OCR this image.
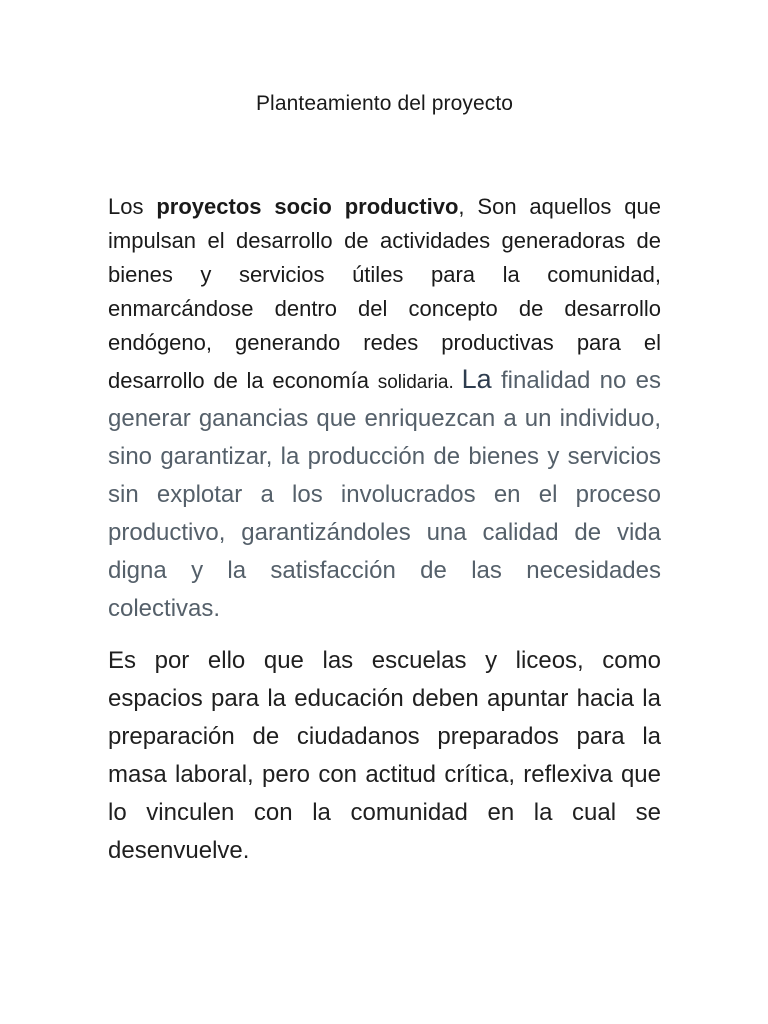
Planteamiento del proyecto

Los proyectos socio productivo, Son aquellos que impulsan el desarrollo de actividades generadoras de bienes y servicios útiles para la comunidad, enmarcándose dentro del concepto de desarrollo endógeno, generando redes productivas para el desarrollo de la economía solidaria. La finalidad no es generar ganancias que enriquezcan a un individuo, sino garantizar, la producción de bienes y servicios sin explotar a los involucrados en el proceso productivo, garantizándoles una calidad de vida digna y la satisfacción de las necesidades colectivas.

Es por ello que las escuelas y liceos, como espacios para la educación deben apuntar hacia la preparación de ciudadanos preparados para la masa laboral, pero con actitud crítica, reflexiva que lo vinculen con la comunidad en la cual se desenvuelve.
